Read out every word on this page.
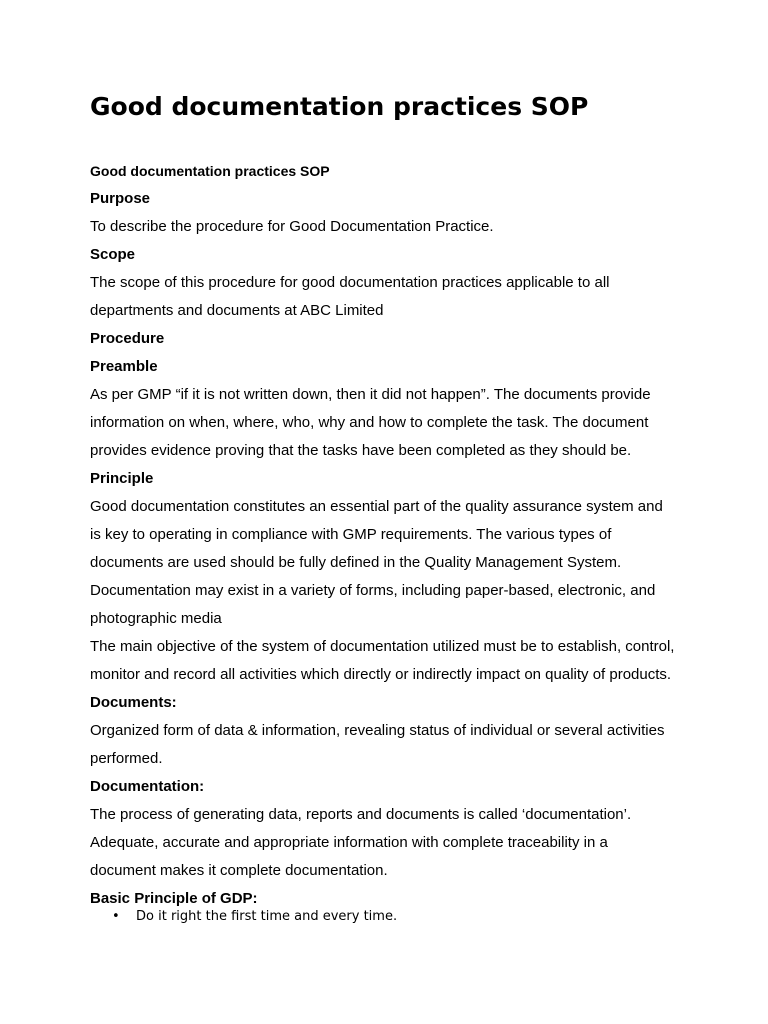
Good documentation practices SOP
Good documentation practices SOP
Purpose

To describe the procedure for Good Documentation Practice.

Scope

The scope of this procedure for good documentation practices applicable to all
departments and documents at ABC Limited

Procedure
Preamble

As per GMP “if it is not written down, then it did not happen”. The documents provide
information on when, where, who, why and how to complete the task. The document
provides evidence proving that the tasks have been completed as they should be.

Principle

Good documentation constitutes an essential part of the quality assurance system and
is key to operating in compliance with GMP requirements. The various types of
documents are used should be fully defined in the Quality Management System.
Documentation may exist in a variety of forms, including paper-based, electronic, and
photographic media
The main objective of the system of documentation utilized must be to establish, control,
monitor and record all activities which directly or indirectly impact on quality of products.

Documents:

Organized form of data & information, revealing status of individual or several activities
performed.

Documentation:

The process of generating data, reports and documents is called ‘documentation’.
Adequate, accurate and appropriate information with complete traceability in a
document makes it complete documentation.

Basic Principle of GDP:
• Do it right the first time and every time.
